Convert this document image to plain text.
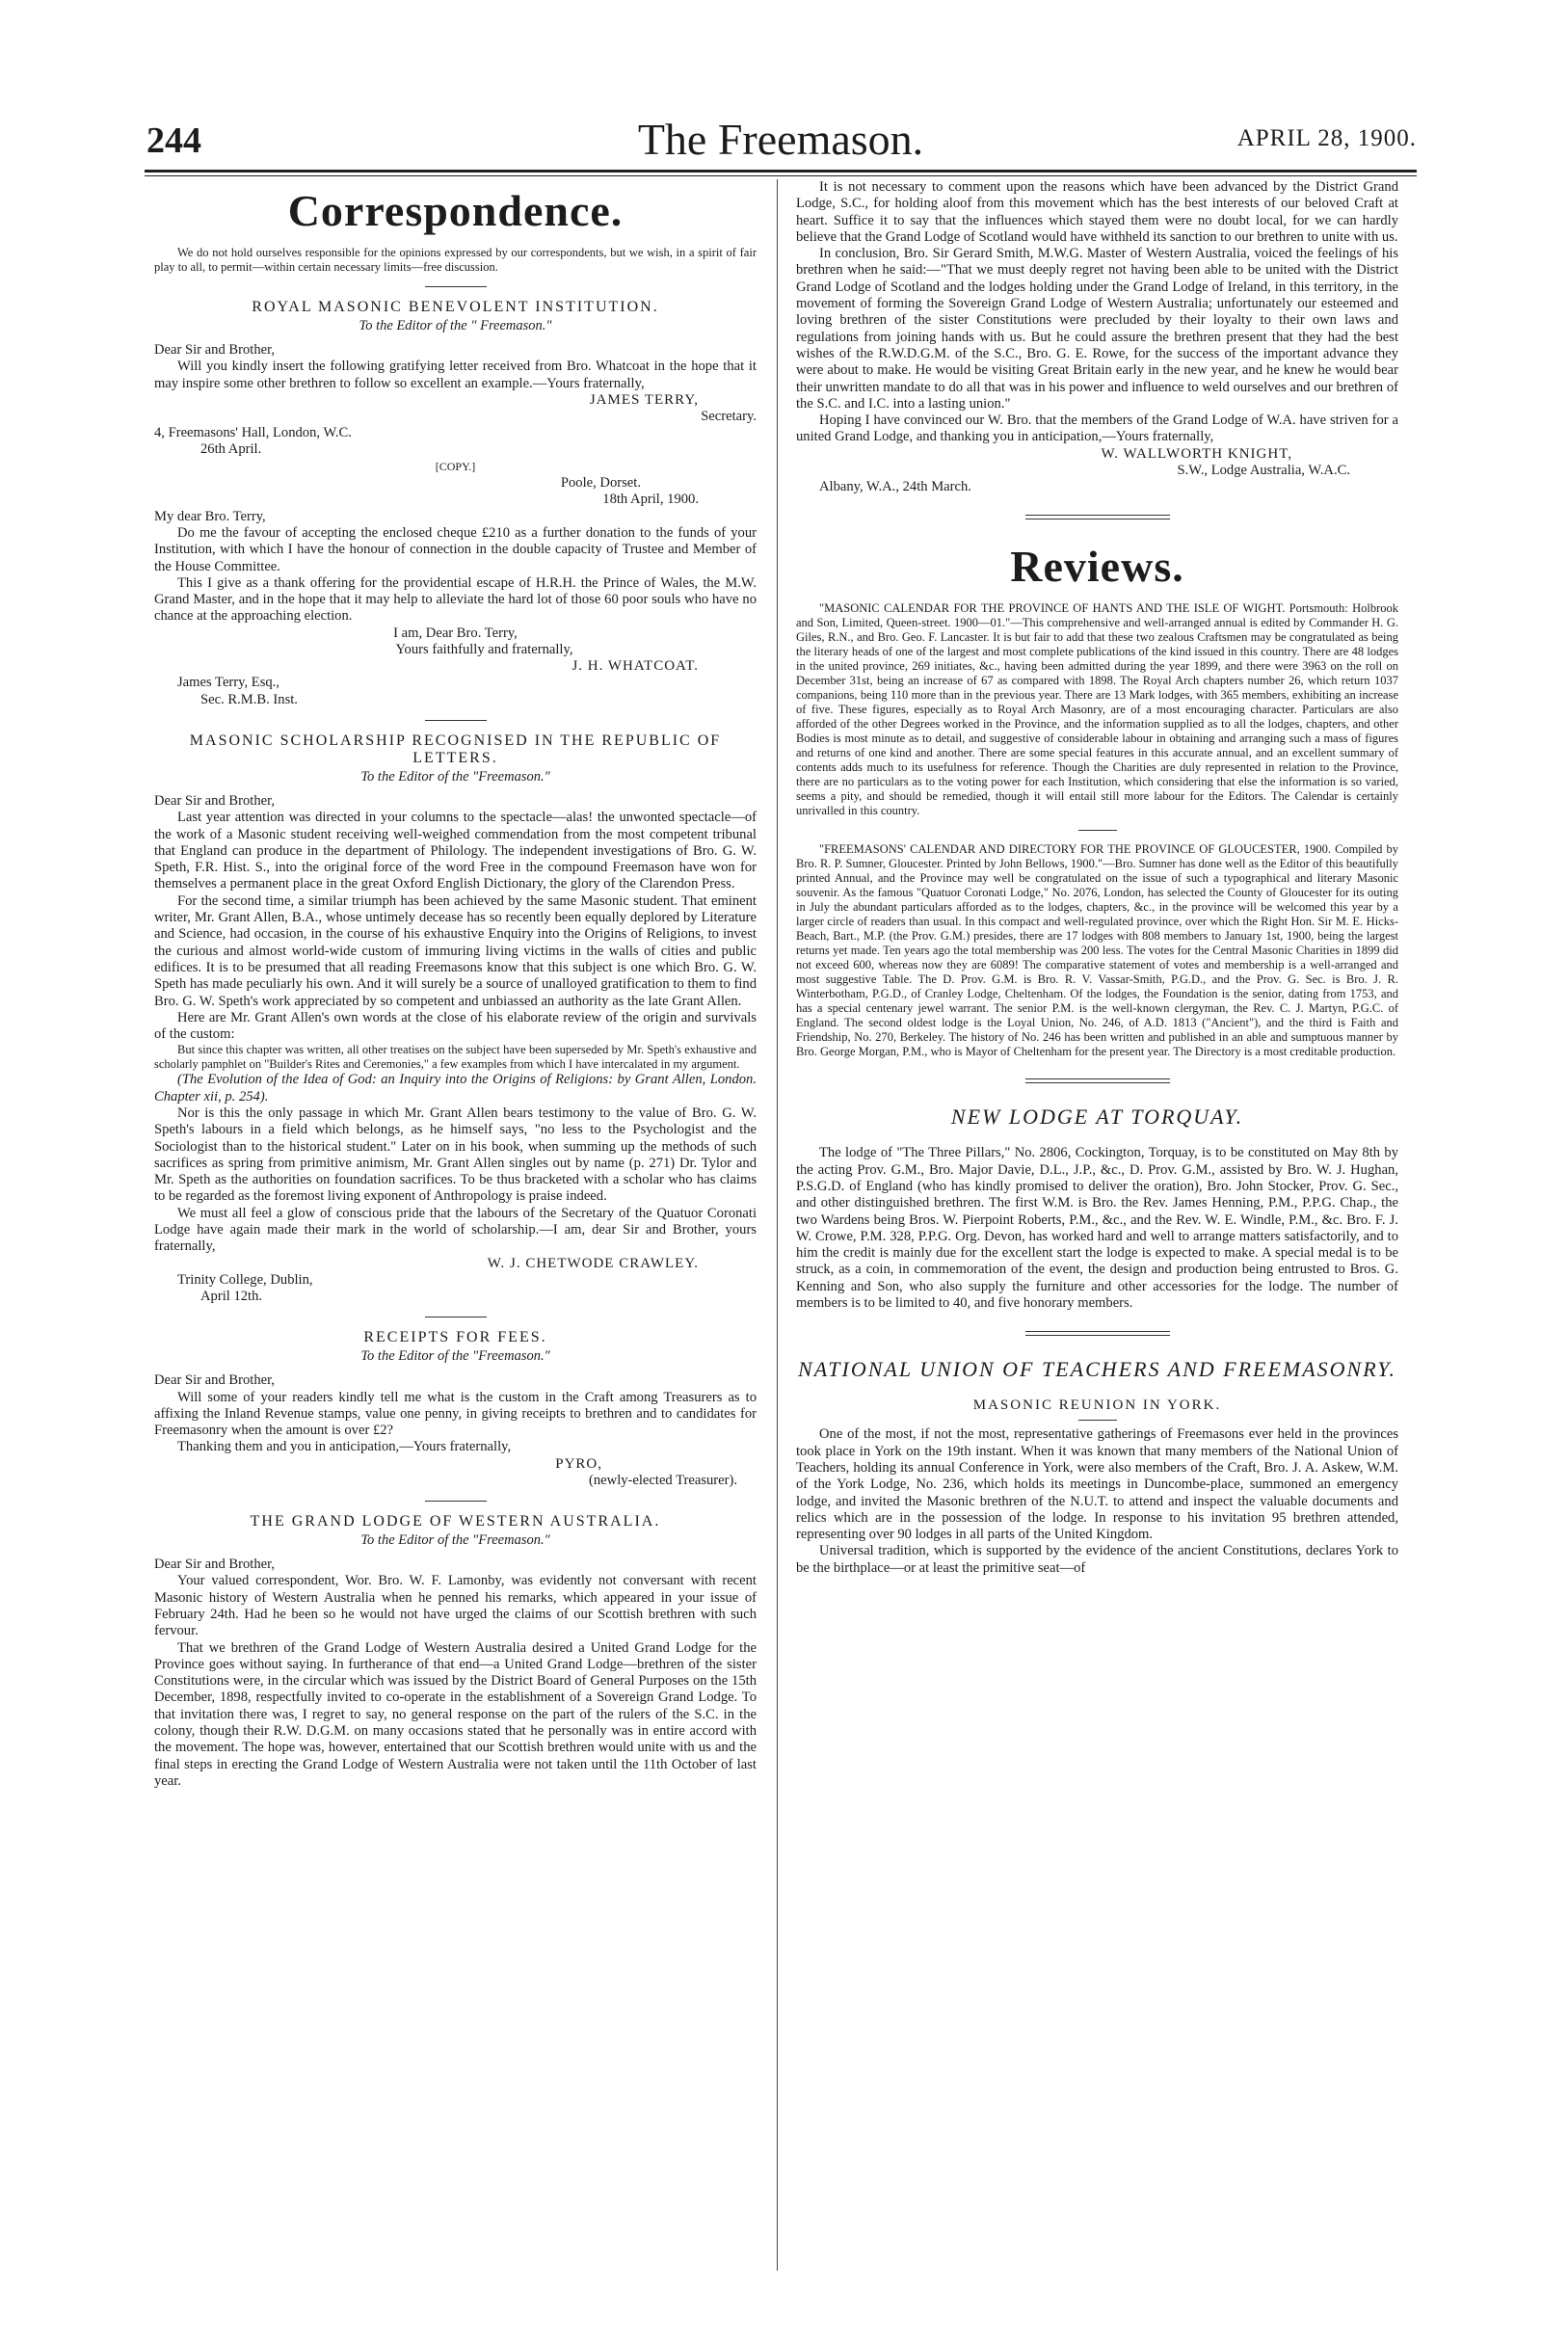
244	The Freemason.	APRIL 28, 1900.
Correspondence.

We do not hold ourselves responsible for the opinions expressed by our correspondents, but we wish, in a spirit of fair play to all, to permit—within certain necessary limits—free discussion.

ROYAL MASONIC BENEVOLENT INSTITUTION.
To the Editor of the " Freemason."

Dear Sir and Brother,

Will you kindly insert the following gratifying letter received from Bro. Whatcoat in the hope that it may inspire some other brethren to follow so excellent an example.—Yours fraternally,

JAMES TERRY,
Secretary.
4, Freemasons' Hall, London, W.C.
26th April.
[COPY.]
Poole, Dorset.
18th April, 1900.

My dear Bro. Terry,

Do me the favour of accepting the enclosed cheque £210 as a further donation to the funds of your Institution, with which I have the honour of connection in the double capacity of Trustee and Member of the House Committee.

This I give as a thank offering for the providential escape of H.R.H. the Prince of Wales, the M.W. Grand Master, and in the hope that it may help to alleviate the hard lot of those 60 poor souls who have no chance at the approaching election.

I am, Dear Bro. Terry,
Yours faithfully and fraternally,
J. H. WHATCOAT.
James Terry, Esq.,
Sec. R.M.B. Inst.
MASONIC SCHOLARSHIP RECOGNISED IN THE REPUBLIC OF LETTERS.
To the Editor of the "Freemason."

Dear Sir and Brother,

Last year attention was directed in your columns to the spectacle—alas! the unwonted spectacle—of the work of a Masonic student receiving well-weighed commendation from the most competent tribunal that England can produce in the department of Philology. The independent investigations of Bro. G. W. Speth, F.R. Hist. S., into the original force of the word Free in the compound Freemason have won for themselves a permanent place in the great Oxford English Dictionary, the glory of the Clarendon Press.

For the second time, a similar triumph has been achieved by the same Masonic student. That eminent writer, Mr. Grant Allen, B.A., whose untimely decease has so recently been equally deplored by Literature and Science, had occasion, in the course of his exhaustive Enquiry into the Origins of Religions, to invest the curious and almost world-wide custom of immuring living victims in the walls of cities and public edifices. It is to be presumed that all reading Freemasons know that this subject is one which Bro. G. W. Speth has made peculiarly his own. And it will surely be a source of unalloyed gratification to them to find Bro. G. W. Speth's work appreciated by so competent and unbiassed an authority as the late Grant Allen.

Here are Mr. Grant Allen's own words at the close of his elaborate review of the origin and survivals of the custom:

But since this chapter was written, all other treatises on the subject have been superseded by Mr. Speth's exhaustive and scholarly pamphlet on "Builder's Rites and Ceremonies," a few examples from which I have intercalated in my argument.

(The Evolution of the Idea of God: an Inquiry into the Origins of Religions: by Grant Allen, London. Chapter xii, p. 254).

Nor is this the only passage in which Mr. Grant Allen bears testimony to the value of Bro. G. W. Speth's labours in a field which belongs, as he himself says, "no less to the Psychologist and the Sociologist than to the historical student." Later on in his book, when summing up the methods of such sacrifices as spring from primitive animism, Mr. Grant Allen singles out by name (p. 271) Dr. Tylor and Mr. Speth as the authorities on foundation sacrifices. To be thus bracketed with a scholar who has claims to be regarded as the foremost living exponent of Anthropology is praise indeed.

We must all feel a glow of conscious pride that the labours of the Secretary of the Quatuor Coronati Lodge have again made their mark in the world of scholarship.—I am, dear Sir and Brother, yours fraternally,

W. J. CHETWODE CRAWLEY.
Trinity College, Dublin,
April 12th.
RECEIPTS FOR FEES.
To the Editor of the "Freemason."

Dear Sir and Brother,

Will some of your readers kindly tell me what is the custom in the Craft among Treasurers as to affixing the Inland Revenue stamps, value one penny, in giving receipts to brethren and to candidates for Freemasonry when the amount is over £2?

Thanking them and you in anticipation,—Yours fraternally,

PYRO,
(newly-elected Treasurer).
THE GRAND LODGE OF WESTERN AUSTRALIA.
To the Editor of the "Freemason."

Dear Sir and Brother,

Your valued correspondent, Wor. Bro. W. F. Lamonby, was evidently not conversant with recent Masonic history of Western Australia when he penned his remarks, which appeared in your issue of February 24th. Had he been so he would not have urged the claims of our Scottish brethren with such fervour.

That we brethren of the Grand Lodge of Western Australia desired a United Grand Lodge for the Province goes without saying. In furtherance of that end—a United Grand Lodge—brethren of the sister Constitutions were, in the circular which was issued by the District Board of General Purposes on the 15th December, 1898, respectfully invited to co-operate in the establishment of a Sovereign Grand Lodge. To that invitation there was, I regret to say, no general response on the part of the rulers of the S.C. in the colony, though their R.W. D.G.M. on many occasions stated that he personally was in entire accord with the movement. The hope was, however, entertained that our Scottish brethren would unite with us and the final steps in erecting the Grand Lodge of Western Australia were not taken until the 11th October of last year.

It is not necessary to comment upon the reasons which have been advanced by the District Grand Lodge, S.C., for holding aloof from this movement which has the best interests of our beloved Craft at heart. Suffice it to say that the influences which stayed them were no doubt local, for we can hardly believe that the Grand Lodge of Scotland would have withheld its sanction to our brethren to unite with us.

In conclusion, Bro. Sir Gerard Smith, M.W.G. Master of Western Australia, voiced the feelings of his brethren when he said:—"That we must deeply regret not having been able to be united with the District Grand Lodge of Scotland and the lodges holding under the Grand Lodge of Ireland, in this territory, in the movement of forming the Sovereign Grand Lodge of Western Australia; unfortunately our esteemed and loving brethren of the sister Constitutions were precluded by their loyalty to their own laws and regulations from joining hands with us. But he could assure the brethren present that they had the best wishes of the R.W.D.G.M. of the S.C., Bro. G. E. Rowe, for the success of the important advance they were about to make. He would be visiting Great Britain early in the new year, and he knew he would bear their unwritten mandate to do all that was in his power and influence to weld ourselves and our brethren of the S.C. and I.C. into a lasting union."

Hoping I have convinced our W. Bro. that the members of the Grand Lodge of W.A. have striven for a united Grand Lodge, and thanking you in anticipation,—Yours fraternally,

W. WALLWORTH KNIGHT,
S.W., Lodge Australia, W.A.C.
Albany, W.A., 24th March.
Reviews.

"MASONIC CALENDAR FOR THE PROVINCE OF HANTS AND THE ISLE OF WIGHT. Portsmouth: Holbrook and Son, Limited, Queen-street. 1900—01."—This comprehensive and well-arranged annual is edited by Commander H. G. Giles, R.N., and Bro. Geo. F. Lancaster. It is but fair to add that these two zealous Craftsmen may be congratulated as being the literary heads of one of the largest and most complete publications of the kind issued in this country. There are 48 lodges in the united province, 269 initiates, &c., having been admitted during the year 1899, and there were 3963 on the roll on December 31st, being an increase of 67 as compared with 1898. The Royal Arch chapters number 26, which return 1037 companions, being 110 more than in the previous year. There are 13 Mark lodges, with 365 members, exhibiting an increase of five. These figures, especially as to Royal Arch Masonry, are of a most encouraging character. Particulars are also afforded of the other Degrees worked in the Province, and the information supplied as to all the lodges, chapters, and other Bodies is most minute as to detail, and suggestive of considerable labour in obtaining and arranging such a mass of figures and returns of one kind and another. There are some special features in this accurate annual, and an excellent summary of contents adds much to its usefulness for reference. Though the Charities are duly represented in relation to the Province, there are no particulars as to the voting power for each Institution, which considering that else the information is so varied, seems a pity, and should be remedied, though it will entail still more labour for the Editors. The Calendar is certainly unrivalled in this country.

"FREEMASONS' CALENDAR AND DIRECTORY FOR THE PROVINCE OF GLOUCESTER, 1900. Compiled by Bro. R. P. Sumner, Gloucester. Printed by John Bellows, 1900."—Bro. Sumner has done well as the Editor of this beautifully printed Annual, and the Province may well be congratulated on the issue of such a typographical and literary Masonic souvenir. As the famous "Quatuor Coronati Lodge," No. 2076, London, has selected the County of Gloucester for its outing in July the abundant particulars afforded as to the lodges, chapters, &c., in the province will be welcomed this year by a larger circle of readers than usual. In this compact and well-regulated province, over which the Right Hon. Sir M. E. Hicks-Beach, Bart., M.P. (the Prov. G.M.) presides, there are 17 lodges with 808 members to January 1st, 1900, being the largest returns yet made. Ten years ago the total membership was 200 less. The votes for the Central Masonic Charities in 1899 did not exceed 600, whereas now they are 6089! The comparative statement of votes and membership is a well-arranged and most suggestive Table. The D. Prov. G.M. is Bro. R. V. Vassar-Smith, P.G.D., and the Prov. G. Sec. is Bro. J. R. Winterbotham, P.G.D., of Cranley Lodge, Cheltenham. Of the lodges, the Foundation is the senior, dating from 1753, and has a special centenary jewel warrant. The senior P.M. is the well-known clergyman, the Rev. C. J. Martyn, P.G.C. of England. The second oldest lodge is the Loyal Union, No. 246, of A.D. 1813 ("Ancient"), and the third is Faith and Friendship, No. 270, Berkeley. The history of No. 246 has been written and published in an able and sumptuous manner by Bro. George Morgan, P.M., who is Mayor of Cheltenham for the present year. The Directory is a most creditable production.

NEW LODGE AT TORQUAY.

The lodge of "The Three Pillars," No. 2806, Cockington, Torquay, is to be constituted on May 8th by the acting Prov. G.M., Bro. Major Davie, D.L., J.P., &c., D. Prov. G.M., assisted by Bro. W. J. Hughan, P.S.G.D. of England (who has kindly promised to deliver the oration), Bro. John Stocker, Prov. G. Sec., and other distinguished brethren. The first W.M. is Bro. the Rev. James Henning, P.M., P.P.G. Chap., the two Wardens being Bros. W. Pierpoint Roberts, P.M., &c., and the Rev. W. E. Windle, P.M., &c. Bro. F. J. W. Crowe, P.M. 328, P.P.G. Org. Devon, has worked hard and well to arrange matters satisfactorily, and to him the credit is mainly due for the excellent start the lodge is expected to make. A special medal is to be struck, as a coin, in commemoration of the event, the design and production being entrusted to Bros. G. Kenning and Son, who also supply the furniture and other accessories for the lodge. The number of members is to be limited to 40, and five honorary members.

NATIONAL UNION OF TEACHERS AND FREEMASONRY.
MASONIC REUNION IN YORK.

One of the most, if not the most, representative gatherings of Freemasons ever held in the provinces took place in York on the 19th instant. When it was known that many members of the National Union of Teachers, holding its annual Conference in York, were also members of the Craft, Bro. J. A. Askew, W.M. of the York Lodge, No. 236, which holds its meetings in Duncombe-place, summoned an emergency lodge, and invited the Masonic brethren of the N.U.T. to attend and inspect the valuable documents and relics which are in the possession of the lodge. In response to his invitation 95 brethren attended, representing over 90 lodges in all parts of the United Kingdom.

Universal tradition, which is supported by the evidence of the ancient Constitutions, declares York to be the birthplace—or at least the primitive seat—of
